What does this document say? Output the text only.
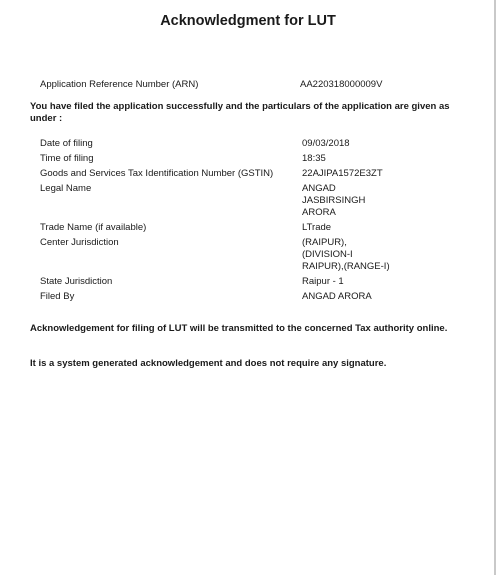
Acknowledgment for LUT
Application Reference Number (ARN)	AA220318000009V
You have filed the application successfully and the particulars of the application are given as under :
Date of filing	09/03/2018
Time of filing	18:35
Goods and Services Tax Identification Number (GSTIN)	22AJIPA1572E3ZT
Legal Name	ANGAD
JASBIRSINGH
ARORA
Trade Name (if available)	LTrade
Center Jurisdiction	(RAIPUR),
(DIVISION-I
RAIPUR),(RANGE-I)
State Jurisdiction	Raipur - 1
Filed By	ANGAD ARORA
Acknowledgement for filing of LUT will be transmitted to the concerned Tax authority online.
It is a system generated acknowledgement and does not require any signature.
